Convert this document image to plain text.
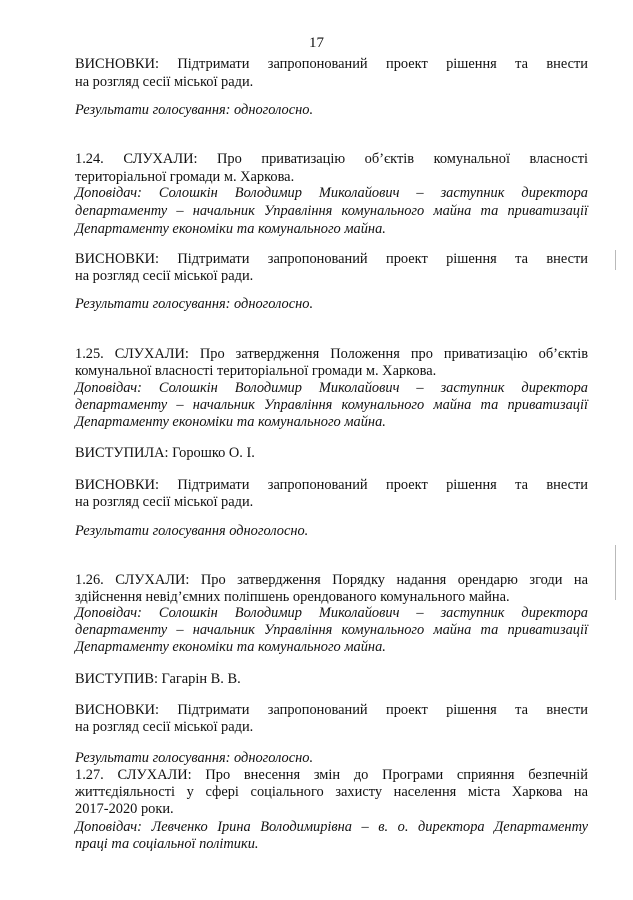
17
ВИСНОВКИ: Підтримати запропонований проект рішення та внести
на розгляд сесії міської ради.
Результати голосування: одноголосно.
1.24. СЛУХАЛИ: Про приватизацію об’єктів комунальної власності
територіальної громади м. Харкова.
Доповідач: Солошкін Володимир Миколайович – заступник директора
департаменту – начальник Управління комунального майна та приватизації
Департаменту економіки та комунального майна.
ВИСНОВКИ: Підтримати запропонований проект рішення та внести
на розгляд сесії міської ради.
Результати голосування: одноголосно.
1.25. СЛУХАЛИ: Про затвердження Положення про приватизацію об’єктів
комунальної власності територіальної громади м. Харкова.
Доповідач: Солошкін Володимир Миколайович – заступник директора
департаменту – начальник Управління комунального майна та приватизації
Департаменту економіки та комунального майна.
ВИСТУПИЛА: Горошко О. І.
ВИСНОВКИ: Підтримати запропонований проект рішення та внести
на розгляд сесії міської ради.
Результати голосування одноголосно.
1.26. СЛУХАЛИ: Про затвердження Порядку надання орендарю згоди на
здійснення невід’ємних поліпшень орендованого комунального майна.
Доповідач: Солошкін Володимир Миколайович – заступник директора
департаменту – начальник Управління комунального майна та приватизації
Департаменту економіки та комунального майна.
ВИСТУПИВ: Гагарін В. В.
ВИСНОВКИ: Підтримати запропонований проект рішення та внести
на розгляд сесії міської ради.
Результати голосування: одноголосно.
1.27. СЛУХАЛИ: Про внесення змін до Програми сприяння безпечній
життєдіяльності у сфері соціального захисту населення міста Харкова на
2017-2020 роки.
Доповідач: Левченко Ірина Володимирівна – в. о. директора Департаменту
праці та соціальної політики.
